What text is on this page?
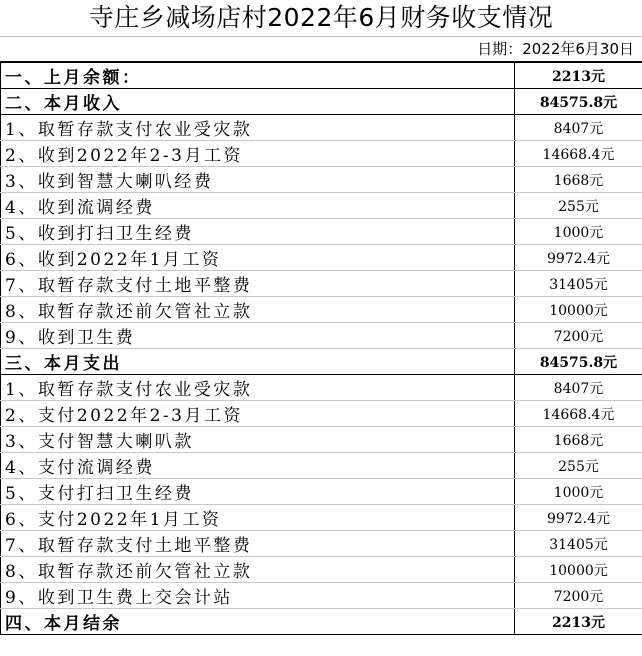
寺庄乡减场店村2022年6月财务收支情况
日期：2022年6月30日
一、上月余额：	2213元
二、本月收入	84575.8元
1、取暂存款支付农业受灾款	8407元
2、收到2022年2-3月工资	14668.4元
3、收到智慧大喇叭经费	1668元
4、收到流调经费	255元
5、收到打扫卫生经费	1000元
6、收到2022年1月工资	9972.4元
7、取暂存款支付土地平整费	31405元
8、取暂存款还前欠管社立款	10000元
9、收到卫生费	7200元
三、本月支出	84575.8元
1、取暂存款支付农业受灾款	8407元
2、支付2022年2-3月工资	14668.4元
3、支付智慧大喇叭款	1668元
4、支付流调经费	255元
5、支付打扫卫生经费	1000元
6、支付2022年1月工资	9972.4元
7、取暂存款支付土地平整费	31405元
8、取暂存款还前欠管社立款	10000元
9、收到卫生费上交会计站	7200元
四、本月结余	2213元
